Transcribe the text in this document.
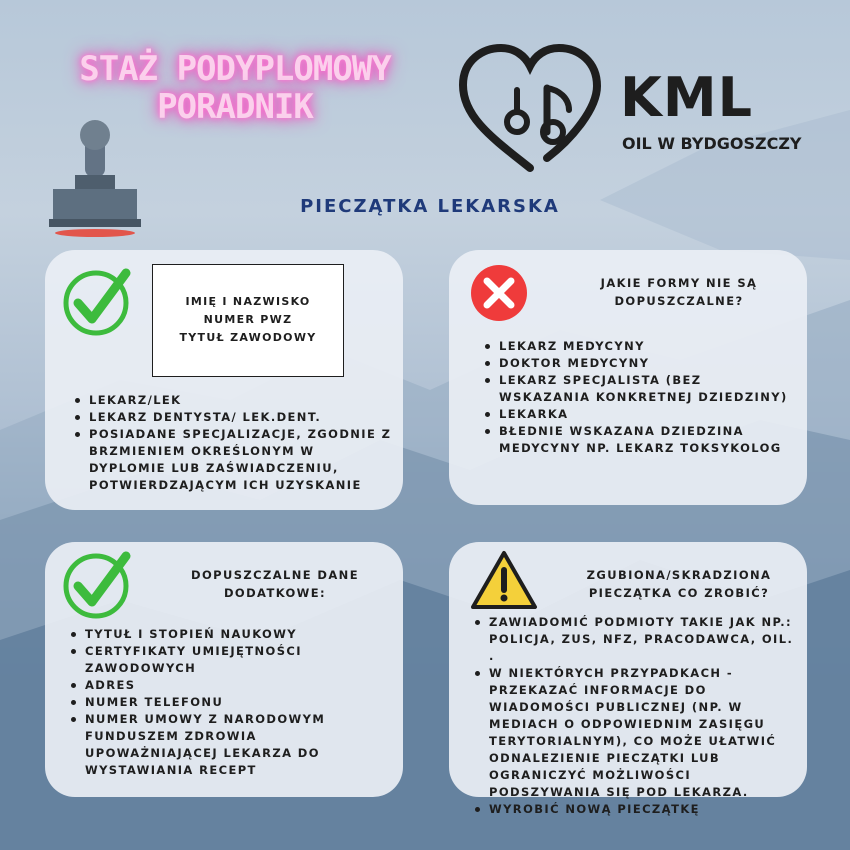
STAŻ PODYPLOMOWY
PORADNIK	KML
OIL W BYDGOSZCZY
PIECZĄTKA LEKARSKA
IMIĘ I NAZWISKO
NUMER PWZ
TYTUŁ ZAWODOWY
LEKARZ/LEK
LEKARZ DENTYSTA/ LEK.DENT.
POSIADANE SPECJALIZACJE, ZGODNIE Z BRZMIENIEM OKREŚLONYM W DYPLOMIE LUB ZAŚWIADCZENIU, POTWIERDZAJĄCYM ICH UZYSKANIE
JAKIE FORMY NIE SĄ
DOPUSZCZALNE?
LEKARZ MEDYCYNY
DOKTOR MEDYCYNY
LEKARZ SPECJALISTA (BEZ WSKAZANIA KONKRETNEJ DZIEDZINY)
LEKARKA
BŁEDNIE WSKAZANA DZIEDZINA MEDYCYNY NP. LEKARZ TOKSYKOLOG
DOPUSZCZALNE DANE
DODATKOWE:
TYTUŁ I STOPIEŃ NAUKOWY
CERTYFIKATY UMIEJĘTNOŚCI ZAWODOWYCH
ADRES
NUMER TELEFONU
NUMER UMOWY Z NARODOWYM FUNDUSZEM ZDROWIA UPOWAŻNIAJĄCEJ LEKARZA DO WYSTAWIANIA RECEPT
ZGUBIONA/SKRADZIONA
PIECZĄTKA CO ZROBIĆ?
ZAWIADOMIĆ PODMIOTY TAKIE JAK NP.: POLICJA, ZUS, NFZ, PRACODAWCA, OIL. .
W NIEKTÓRYCH PRZYPADKACH - PRZEKAZAĆ INFORMACJE DO WIADOMOŚCI PUBLICZNEJ (NP. W MEDIACH O ODPOWIEDNIM ZASIĘGU TERYTORIALNYM), CO MOŻE UŁATWIĆ ODNALEZIENIE PIECZĄTKI LUB OGRANICZYĆ MOŻLIWOŚCI PODSZYWANIA SIĘ POD LEKARZA.
WYROBIĆ NOWĄ PIECZĄTKĘ
